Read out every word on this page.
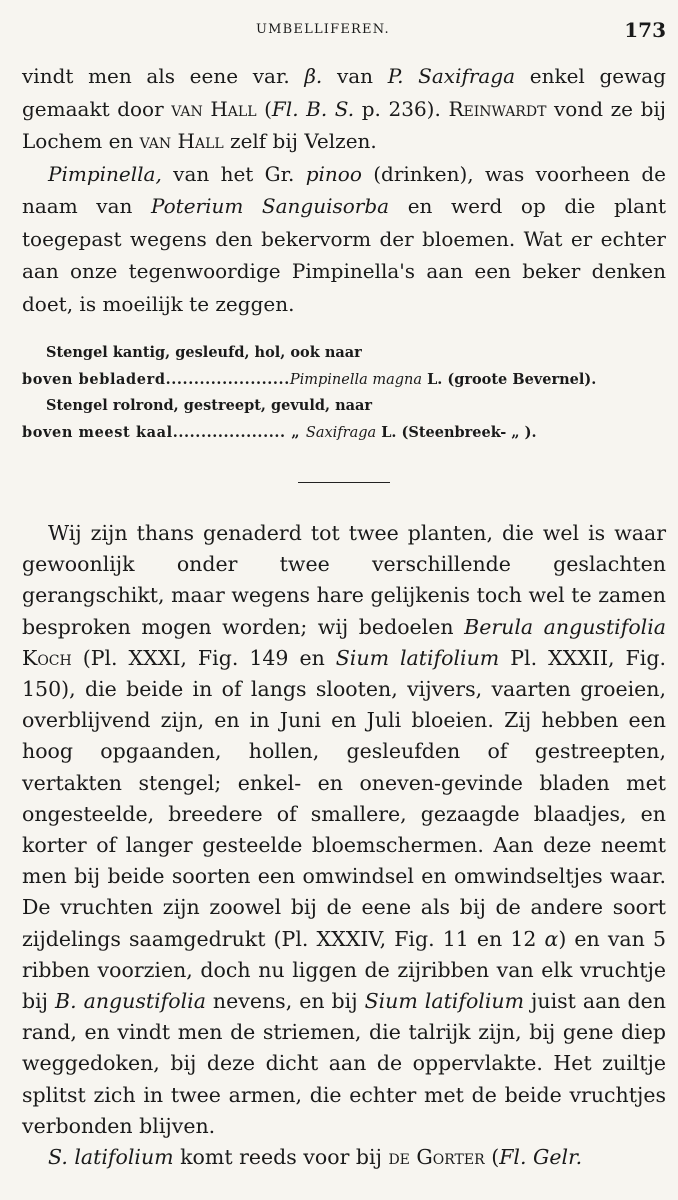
UMBELLIFEREN.	173

vindt men als eene var. β. van P. Saxifraga enkel gewag gemaakt door van Hall (Fl. B. S. p. 236). Reinwardt vond ze bij Lochem en van Hall zelf bij Velzen.

Pimpinella, van het Gr. pinoo (drinken), was voorheen de naam van Poterium Sanguisorba en werd op die plant toegepast wegens den bekervorm der bloemen. Wat er echter aan onze tegenwoordige Pimpinella's aan een beker denken doet, is moeilijk te zeggen.

Stengel kantig, gesleufd, hol, ook naar
boven bebladerd......................Pimpinella magna L. (groote Bevernel).
Stengel rolrond, gestreept, gevuld, naar
boven meest kaal.................... „ Saxifraga L. (Steenbreek- „ ).

Wij zijn thans genaderd tot twee planten, die wel is waar gewoonlijk onder twee verschillende geslachten gerangschikt, maar wegens hare gelijkenis toch wel te zamen besproken mogen worden; wij bedoelen Berula angustifolia Koch (Pl. XXXI, Fig. 149 en Sium latifolium Pl. XXXII, Fig. 150), die beide in of langs slooten, vijvers, vaarten groeien, overblijvend zijn, en in Juni en Juli bloeien. Zij hebben een hoog opgaanden, hollen, gesleufden of gestreepten, vertakten stengel; enkel- en oneven-gevinde bladen met ongesteelde, breedere of smallere, gezaagde blaadjes, en korter of langer gesteelde bloemschermen. Aan deze neemt men bij beide soorten een omwindsel en omwindseltjes waar. De vruchten zijn zoowel bij de eene als bij de andere soort zijdelings saamgedrukt (Pl. XXXIV, Fig. 11 en 12 α) en van 5 ribben voorzien, doch nu liggen de zijribben van elk vruchtje bij B. angustifolia nevens, en bij Sium latifolium juist aan den rand, en vindt men de striemen, die talrijk zijn, bij gene diep weggedoken, bij deze dicht aan de oppervlakte. Het zuiltje splitst zich in twee armen, die echter met de beide vruchtjes verbonden blijven.

S. latifolium komt reeds voor bij de Gorter (Fl. Gelr.
